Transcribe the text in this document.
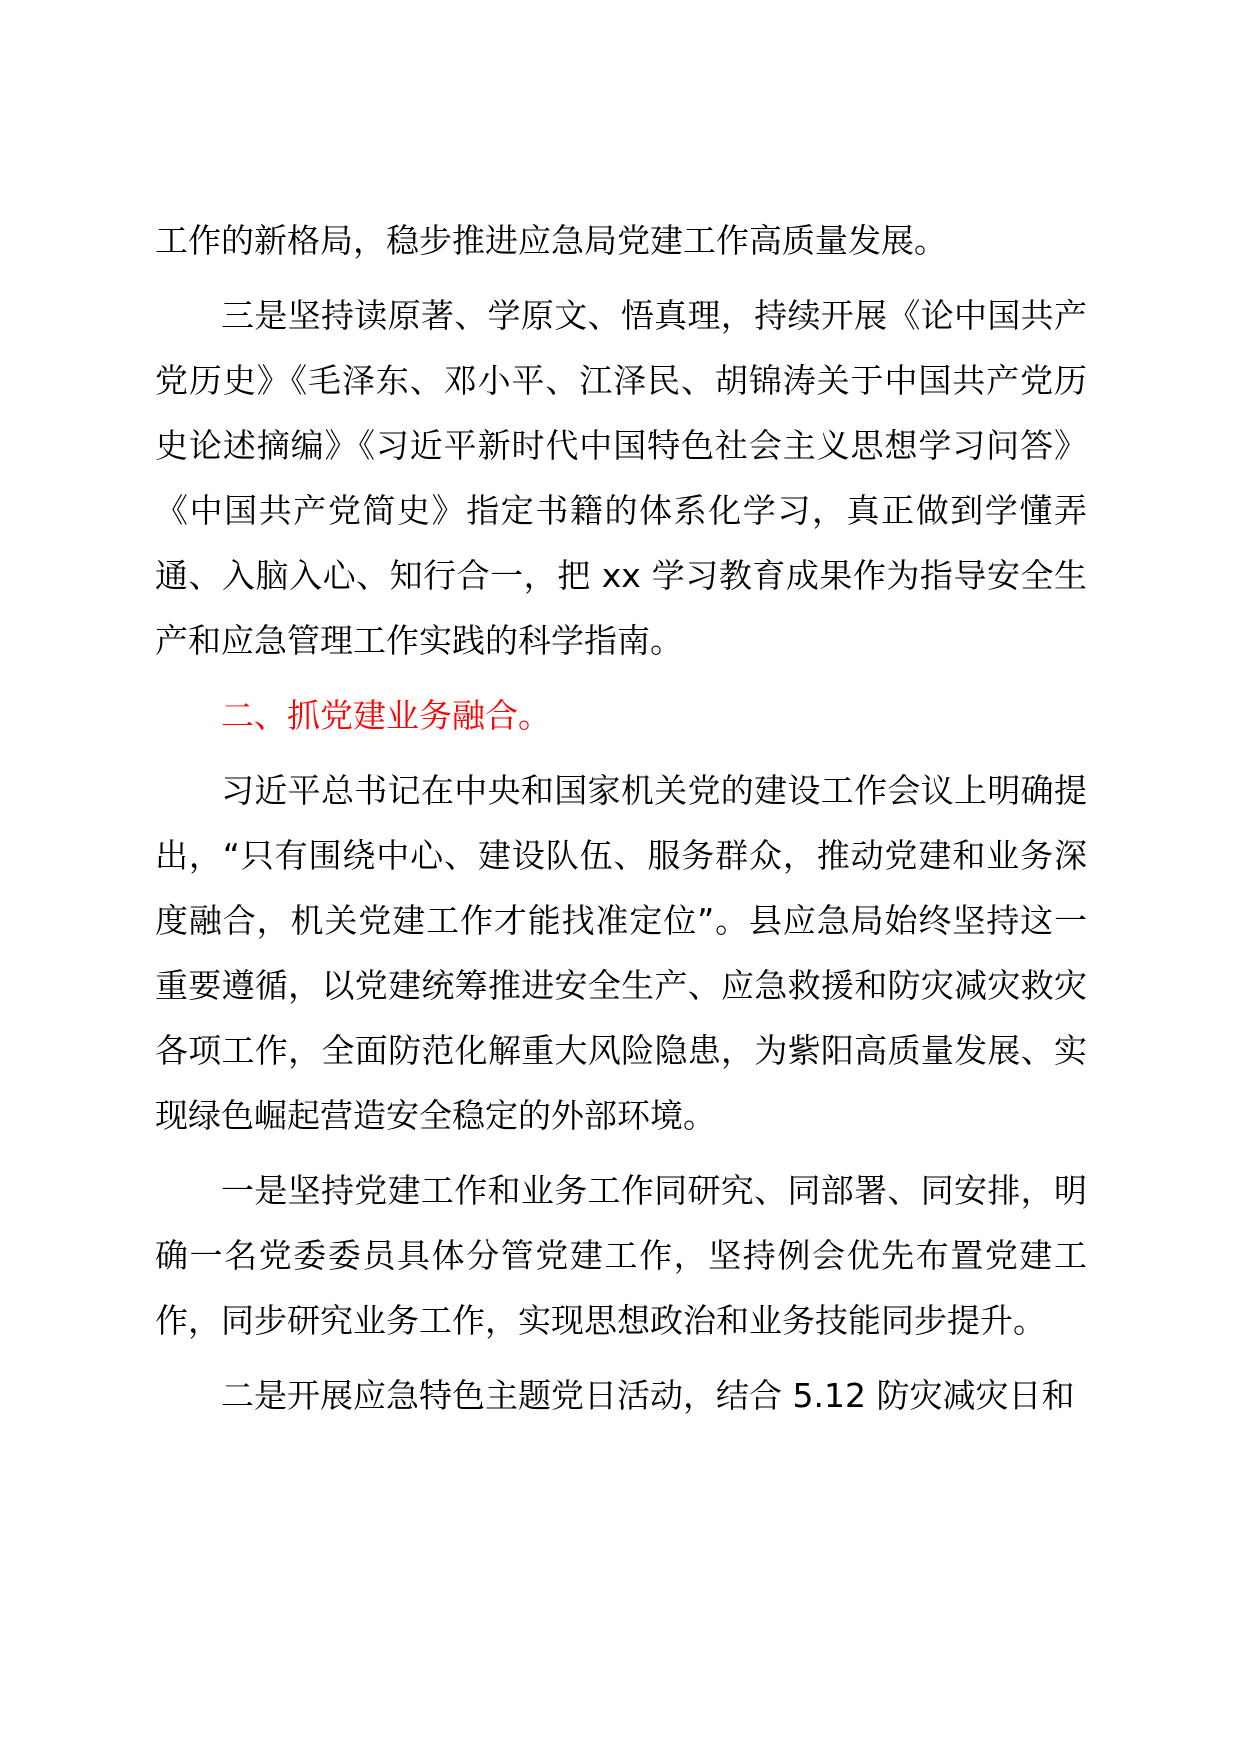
工作的新格局，稳步推进应急局党建工作高质量发展。

三是坚持读原著、学原文、悟真理，持续开展《论中国共产党历史》《毛泽东、邓小平、江泽民、胡锦涛关于中国共产党历史论述摘编》《习近平新时代中国特色社会主义思想学习问答》《中国共产党简史》指定书籍的体系化学习，真正做到学懂弄通、入脑入心、知行合一，把 xx 学习教育成果作为指导安全生产和应急管理工作实践的科学指南。

二、抓党建业务融合。

习近平总书记在中央和国家机关党的建设工作会议上明确提出，“只有围绕中心、建设队伍、服务群众，推动党建和业务深度融合，机关党建工作才能找准定位”。县应急局始终坚持这一重要遵循，以党建统筹推进安全生产、应急救援和防灾减灾救灾各项工作，全面防范化解重大风险隐患，为紫阳高质量发展、实现绿色崛起营造安全稳定的外部环境。

一是坚持党建工作和业务工作同研究、同部署、同安排，明确一名党委委员具体分管党建工作，坚持例会优先布置党建工作，同步研究业务工作，实现思想政治和业务技能同步提升。

二是开展应急特色主题党日活动，结合 5.12 防灾减灾日和
